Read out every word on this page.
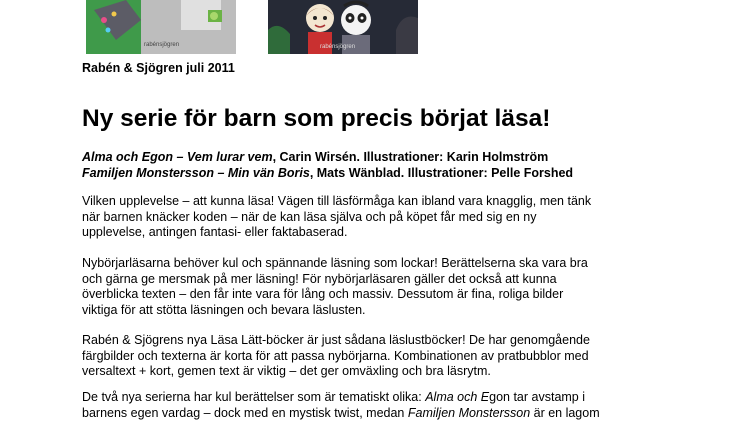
rabénsjögren	rabénsjögren
Rabén & Sjögren juli 2011
Ny serie för barn som precis börjat läsa!
Alma och Egon – Vem lurar vem, Carin Wirsén. Illustrationer: Karin Holmström
Familjen Monstersson – Min vän Boris, Mats Wänblad. Illustrationer: Pelle Forshed
Vilken upplevelse – att kunna läsa! Vägen till läsförmåga kan ibland vara knagglig, men tänk
när barnen knäcker koden – när de kan läsa själva och på köpet får med sig en ny
upplevelse, antingen fantasi- eller faktabaserad.
Nybörjarläsarna behöver kul och spännande läsning som lockar! Berättelserna ska vara bra
och gärna ge mersmak på mer läsning! För nybörjarläsaren gäller det också att kunna
överblicka texten – den får inte vara för lång och massiv. Dessutom är fina, roliga bilder
viktiga för att stötta läsningen och bevara läslusten.
Rabén & Sjögrens nya Läsa Lätt-böcker är just sådana läslustböcker! De har genomgående
färgbilder och texterna är korta för att passa nybörjarna. Kombinationen av pratbubblor med
versaltext + kort, gemen text är viktig – det ger omväxling och bra läsrytm.
De två nya serierna har kul berättelser som är tematiskt olika: Alma och Egon tar avstamp i
barnens egen vardag – dock med en mystisk twist, medan Familjen Monstersson är en lagom
